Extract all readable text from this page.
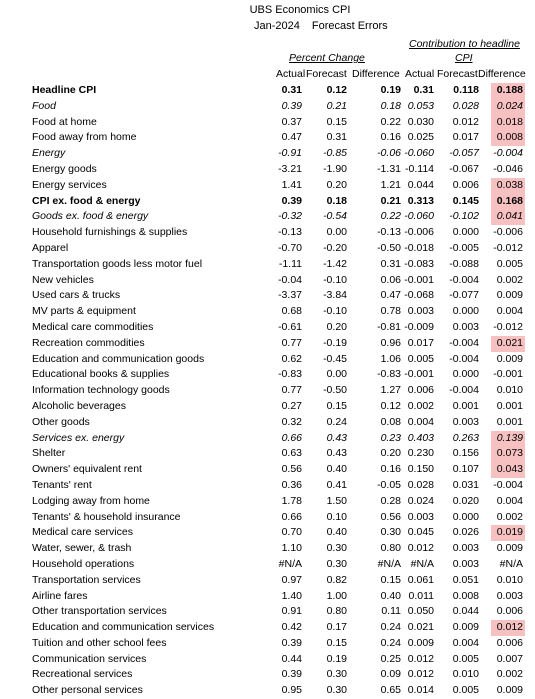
UBS Economics CPI
Jan-2024 Forecast Errors
Percent Change
Contribution to headline
CPI
Actual Forecast Difference Actual Forecast Difference
Headline CPI	0.31 0.12	0.19 0.31 0.118 0.188
Food	0.39 0.21	0.18 0.053 0.028 0.024
Food at home	0.37 0.15	0.22 0.030 0.012 0.018
Food away from home	0.47 0.31	0.16 0.025 0.017 0.008
Energy	-0.91 -0.85	-0.06 -0.060 -0.057 -0.004
Energy goods	-3.21 -1.90	-1.31 -0.114 -0.067 -0.046
Energy services	1.41 0.20	1.21 0.044 0.006 0.038
CPI ex. food & energy	0.39 0.18	0.21 0.313 0.145 0.168
Goods ex. food & energy	-0.32 -0.54	0.22 -0.060 -0.102 0.041
Household furnishings & supplies	-0.13 0.00	-0.13 -0.006 0.000 -0.006
Apparel	-0.70 -0.20	-0.50 -0.018 -0.005 -0.012
Transportation goods less motor fuel	-1.11 -1.42	0.31 -0.083 -0.088 0.005
New vehicles	-0.04 -0.10	0.06 -0.001 -0.004 0.002
Used cars & trucks	-3.37 -3.84	0.47 -0.068 -0.077 0.009
MV parts & equipment	0.68 -0.10	0.78 0.003 0.000 0.004
Medical care commodities	-0.61 0.20	-0.81 -0.009 0.003 -0.012
Recreation commodities	0.77 -0.19	0.96 0.017 -0.004 0.021
Education and communication goods	0.62 -0.45	1.06 0.005 -0.004 0.009
Educational books & supplies	-0.83 0.00	-0.83 -0.001 0.000 -0.001
Information technology goods	0.77 -0.50	1.27 0.006 -0.004 0.010
Alcoholic beverages	0.27 0.15	0.12 0.002 0.001 0.001
Other goods	0.32 0.24	0.08 0.004 0.003 0.001
Services ex. energy	0.66 0.43	0.23 0.403 0.263 0.139
Shelter	0.63 0.43	0.20 0.230 0.156 0.073
Owners' equivalent rent	0.56 0.40	0.16 0.150 0.107 0.043
Tenants' rent	0.36 0.41	-0.05 0.028 0.031 -0.004
Lodging away from home	1.78 1.50	0.28 0.024 0.020 0.004
Tenants' & household insurance	0.66 0.10	0.56 0.003 0.000 0.002
Medical care services	0.70 0.40	0.30 0.045 0.026 0.019
Water, sewer, & trash	1.10 0.30	0.80 0.012 0.003 0.009
Household operations	#N/A 0.30	#N/A #N/A 0.003 #N/A
Transportation services	0.97 0.82	0.15 0.061 0.051 0.010
Airline fares	1.40 1.00	0.40 0.011 0.008 0.003
Other transportation services	0.91 0.80	0.11 0.050 0.044 0.006
Education and communication services	0.42 0.17	0.24 0.021 0.009 0.012
Tuition and other school fees	0.39 0.15	0.24 0.009 0.004 0.006
Communication services	0.44 0.19	0.25 0.012 0.005 0.007
Recreational services	0.39 0.30	0.09 0.012 0.010 0.002
Other personal services	0.95 0.30	0.65 0.014 0.005 0.009
